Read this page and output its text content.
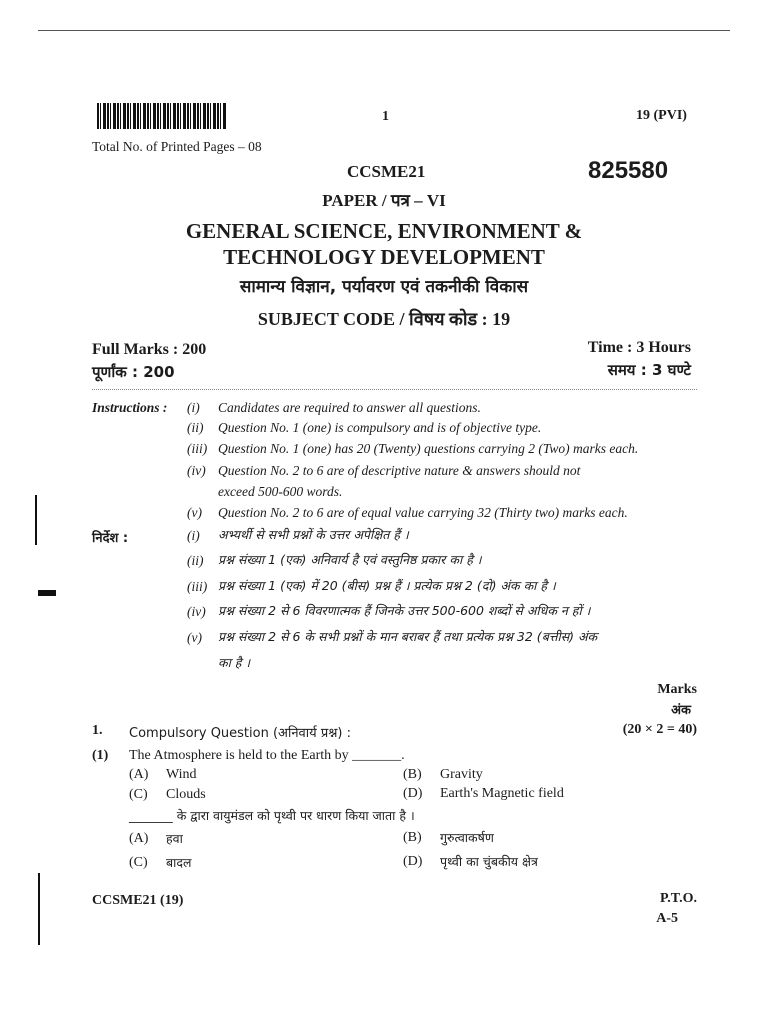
1	19 (PVI)
Total No. of Printed Pages – 08
CCSME21	825580
PAPER / पत्र – VI
GENERAL SCIENCE, ENVIRONMENT &
TECHNOLOGY DEVELOPMENT
सामान्य विज्ञान, पर्यावरण एवं तकनीकी विकास
SUBJECT CODE / विषय कोड : 19
Full Marks : 200
पूर्णांक : 200
Time : 3 Hours
समय : 3 घण्टे
Instructions : (i) Candidates are required to answer all questions.
(ii) Question No. 1 (one) is compulsory and is of objective type.
(iii) Question No. 1 (one) has 20 (Twenty) questions carrying 2 (Two) marks each.
(iv) Question No. 2 to 6 are of descriptive nature & answers should not
exceed 500-600 words.
(v) Question No. 2 to 6 are of equal value carrying 32 (Thirty two) marks each.
निर्देश :	(i) अभ्यर्थी से सभी प्रश्नों के उत्तर अपेक्षित हैं ।
(ii) प्रश्न संख्या 1 (एक) अनिवार्य है एवं वस्तुनिष्ठ प्रकार का है ।
(iii) प्रश्न संख्या 1 (एक) में 20 (बीस) प्रश्न हैं । प्रत्येक प्रश्न 2 (दो) अंक का है ।
(iv) प्रश्न संख्या 2 से 6 विवरणात्मक हैं जिनके उत्तर 500-600 शब्दों से अधिक न हों ।
(v) प्रश्न संख्या 2 से 6 के सभी प्रश्नों के मान बराबर हैं तथा प्रत्येक प्रश्न 32 (बत्तीस) अंक
का है ।
Marks
अंक
1. Compulsory Question (अनिवार्य प्रश्न) :	(20 × 2 = 40)
(1) The Atmosphere is held to the Earth by _______.
(A) Wind	(B) Gravity
(C) Clouds	(D) Earth's Magnetic field
_______ के द्वारा वायुमंडल को पृथ्वी पर धारण किया जाता है ।
(A) हवा	(B) गुरुत्वाकर्षण
(C) बादल	(D) पृथ्वी का चुंबकीय क्षेत्र
CCSME21 (19)	P.T.O.
A-5
